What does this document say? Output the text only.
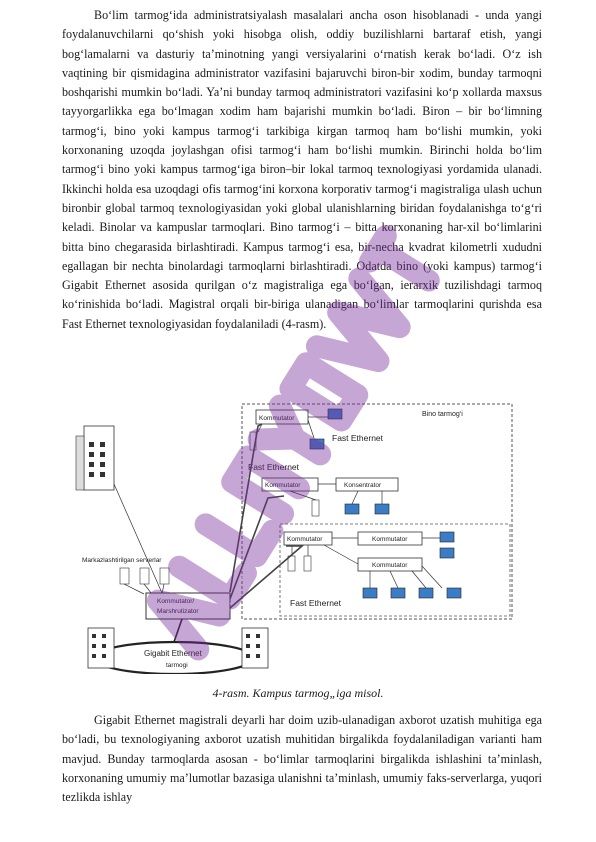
Bo‘lim tarmog‘ida administratsiyalash masalalari ancha oson hisoblanadi - unda yangi foydalanuvchilarni qo‘shish yoki hisobga olish, oddiy buzilishlarni bartaraf etish, yangi bog‘lamalarni va dasturiy ta’minotning yangi versiyalarini o‘rnatish kerak bo‘ladi. O‘z ish vaqtining bir qismidagina administrator vazifasini bajaruvchi biron-bir xodim, bunday tarmoqni boshqarishi mumkin bo‘ladi. Ya’ni bunday tarmoq administratori vazifasini ko‘p xollarda maxsus tayyorgarlikka ega bo‘lmagan xodim ham bajarishi mumkin bo‘ladi. Biron – bir bo‘limning tarmog‘i, bino yoki kampus tarmog‘i tarkibiga kirgan tarmoq ham bo‘lishi mumkin, yoki korxonaning uzoqda joylashgan ofisi tarmog‘i ham bo‘lishi mumkin. Birinchi holda bo‘lim tarmog‘i bino yoki kampus tarmog‘iga biron–bir lokal tarmoq texnologiyasi yordamida ulanadi. Ikkinchi holda esa uzoqdagi ofis tarmog‘ini korxona korporativ tarmog‘i magistraliga ulash uchun bironbir global tarmoq texnologiyasidan yoki global ulanishlarning biridan foydalanishga to‘g‘ri keladi. Binolar va kampuslar tarmoqlari. Bino tarmog‘i – bitta korxonaning har-xil bo‘limlarini bitta bino chegarasida birlashtiradi. Kampus tarmog‘i esa, bir-necha kvadrat kilometrli xududni egallagan bir nechta binolardagi tarmoqlarni birlashtiradi. Odatda bino (yoki kampus) tarmog‘i Gigabit Ethernet asosida qurilgan o‘z magistraliga ega bo‘lgan, ierarxik tuzilishdagi tarmoq ko‘rinishida bo‘ladi. Magistral orqali bir-biriga ulanadigan bo‘limlar tarmoqlarini qurishda esa Fast Ethernet texnologiyasidan foydalaniladi (4-rasm).

Bino tarmog‘i
Kommutator
Fast Ethernet
Fast Ethernet
Kommutator	Konsentrator
Kommutator	Kommutator
Kommutator
Fast Ethernet
Markazlashtirilgan serverlar
Kommutator/
Marshrutizator
Gigabit Ethernet
tarmogi
4-rasm. Kampus tarmog„iga misol.

Gigabit Ethernet magistrali deyarli har doim uzib-ulanadigan axborot uzatish muhitiga ega bo‘ladi, bu texnologiyaning axborot uzatish muhitidan birgalikda foydalaniladigan varianti ham mavjud. Bunday tarmoqlarda asosan - bo‘limlar tarmoqlarini birgalikda ishlashini ta’minlash, korxonaning umumiy ma’lumotlar bazasiga ulanishni ta’minlash, umumiy faks-serverlarga, yuqori tezlikda ishlay
